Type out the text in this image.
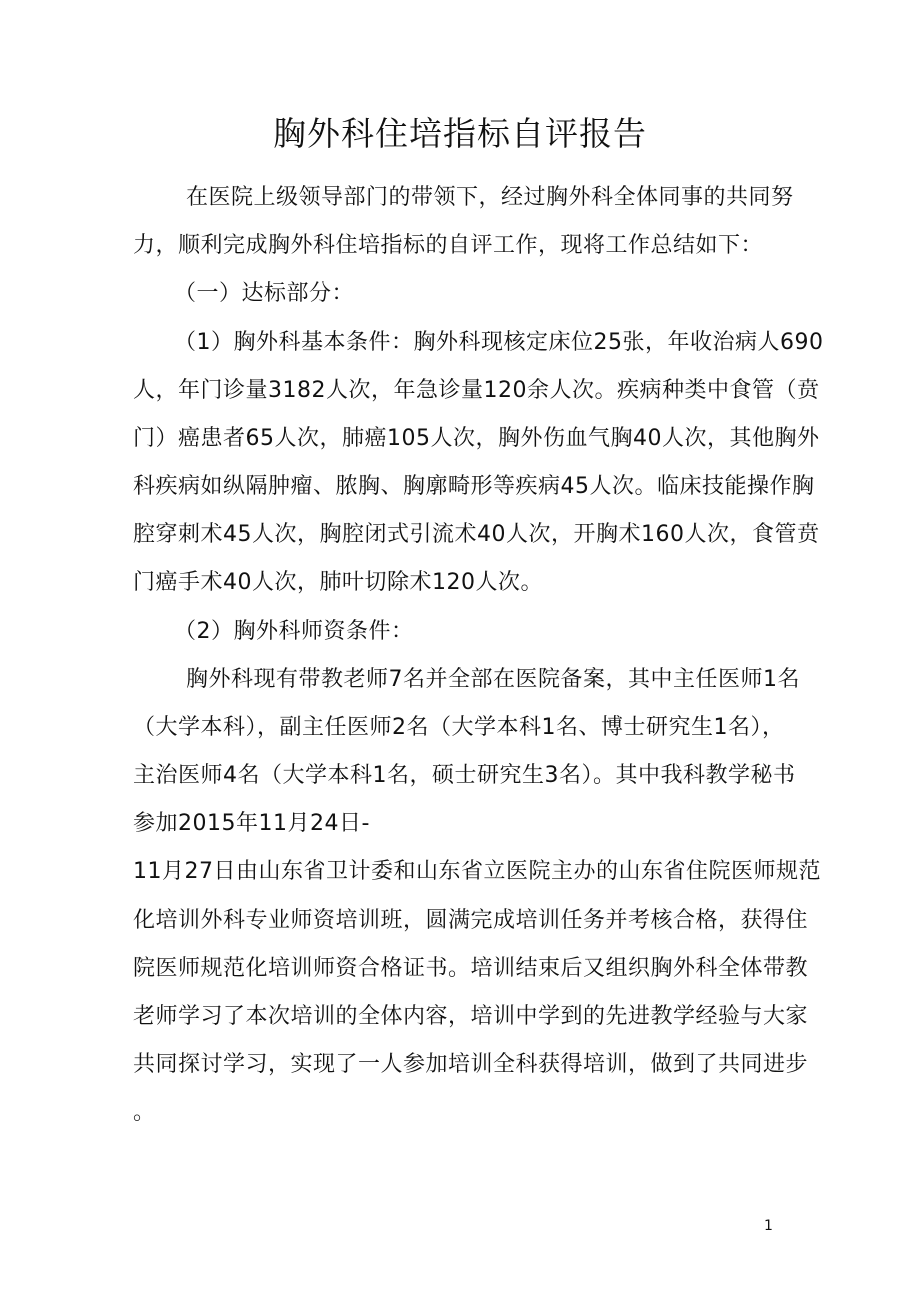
胸外科住培指标自评报告
在医院上级领导部门的带领下，经过胸外科全体同事的共同努
力，顺利完成胸外科住培指标的自评工作，现将工作总结如下：
（一）达标部分：
（1）胸外科基本条件：胸外科现核定床位25张，年收治病人690
人，年门诊量3182人次，年急诊量120余人次。疾病种类中食管（贲
门）癌患者65人次，肺癌105人次，胸外伤血气胸40人次，其他胸外
科疾病如纵隔肿瘤、脓胸、胸廓畸形等疾病45人次。临床技能操作胸
腔穿刺术45人次，胸腔闭式引流术40人次，开胸术160人次，食管贲
门癌手术40人次，肺叶切除术120人次。
（2）胸外科师资条件：
胸外科现有带教老师7名并全部在医院备案，其中主任医师1名
（大学本科），副主任医师2名（大学本科1名、博士研究生1名），
主治医师4名（大学本科1名，硕士研究生3名）。其中我科教学秘书
参加2015年11月24日-
11月27日由山东省卫计委和山东省立医院主办的山东省住院医师规范
化培训外科专业师资培训班，圆满完成培训任务并考核合格，获得住
院医师规范化培训师资合格证书。培训结束后又组织胸外科全体带教
老师学习了本次培训的全体内容，培训中学到的先进教学经验与大家
共同探讨学习，实现了一人参加培训全科获得培训，做到了共同进步
。
1
